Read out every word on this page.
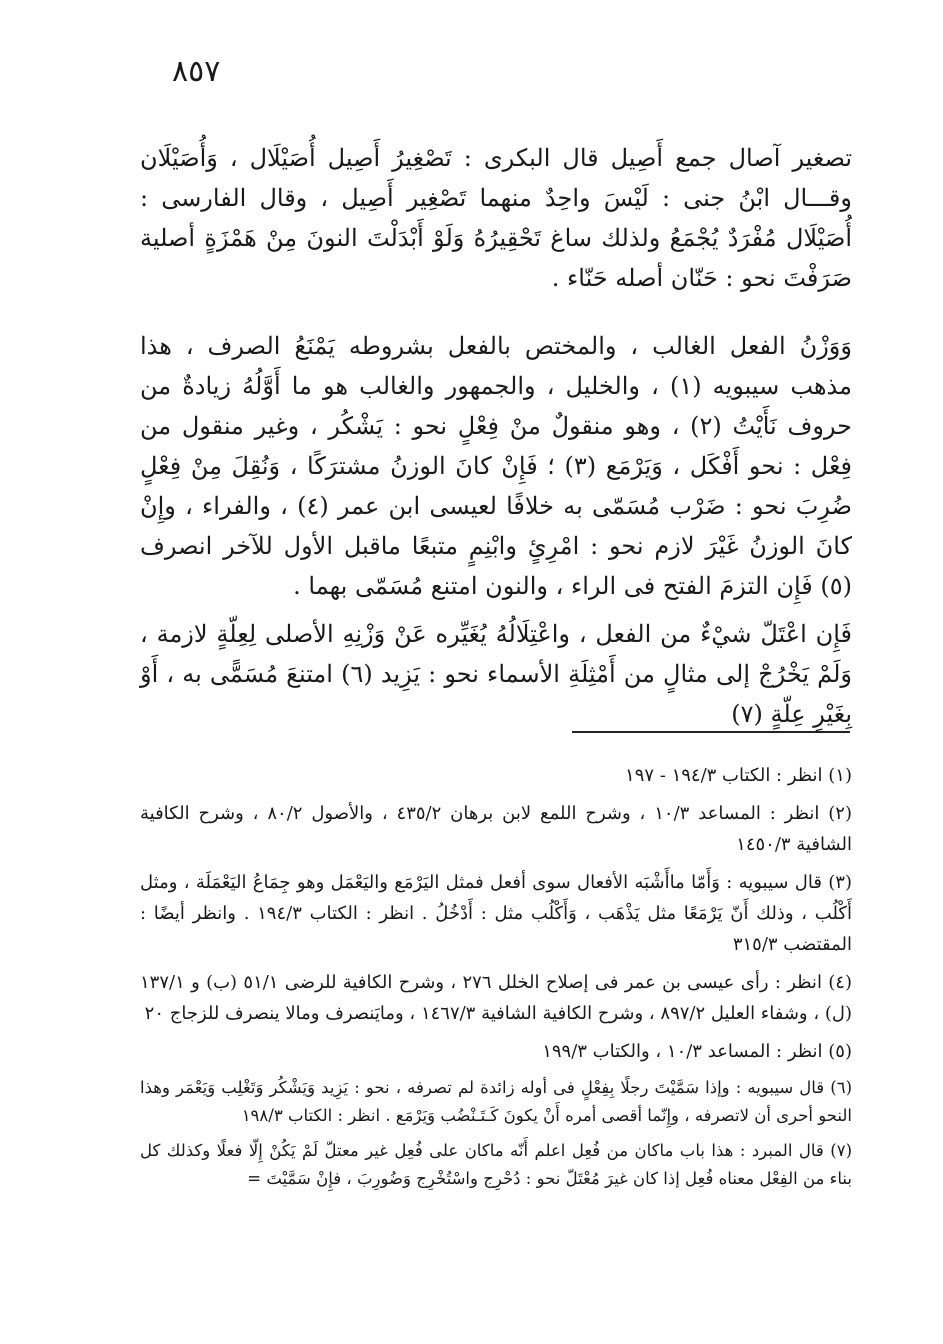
٨٥٧

تصغير آصال جمع أَصِيل قال البكرى : تَصْغِيرُ أَصِيل أُصَيْلَال ، وَأُصَيْلَان وقـــال ابْنُ جنى : لَيْسَ واحِدٌ منهما تَصْغِير أَصِيل ، وقال الفارسى : أُصَيْلَال مُفْرَدٌ يُجْمَعُ ولذلك ساغ تَحْقِيرُهُ وَلَوْ أَبْدَلْتَ النونَ مِنْ هَمْزَةٍ أصلية صَرَفْتَ نحو : حَنّان أصله حَنّاء .

وَوَزْنُ الفعل الغالب ، والمختص بالفعل بشروطه يَمْنَعُ الصرف ، هذا مذهب سيبويه (١) ، والخليل ، والجمهور والغالب هو ما أَوَّلُهُ زيادةٌ من حروف نَأَيْتُ (٢) ، وهو منقولٌ منْ فِعْلٍ نحو : يَشْكُر ، وغير منقول من فِعْل : نحو أَفْكَل ، وَيَرْمَع (٣) ؛ فَإِنْ كانَ الوزنُ مشترَكًا ، وَنُقِلَ مِنْ فِعْلٍ ضُرِبَ نحو : ضَرْب مُسَمّى به خلافًا لعيسى ابن عمر (٤) ، والفراء ، وإِنْ كانَ الوزنُ غَيْرَ لازم نحو : امْرِئٍ وابْنِمٍ متبعًا ماقبل الأول للآخر انصرف (٥) فَإِن التزمَ الفتح فى الراء ، والنون امتنع مُسَمّى بهما .

فَإِن اعْتَلّ شيْءٌ من الفعل ، واعْتِلَالُهُ يُغَيِّره عَنْ وَزْنِهِ الأصلى لِعِلّةٍ لازمة ، وَلَمْ يَخْرُجْ إلى مثالٍ من أَمْثِلَةِ الأسماء نحو : يَزِيد (٦) امتنعَ مُسَمًّى به ، أَوْ بِغَيْرِ عِلّةٍ (٧)

(١) انظر : الكتاب ١٩٤/٣ - ١٩٧

(٢) انظر : المساعد ١٠/٣ ، وشرح اللمع لابن برهان ٤٣٥/٢ ، والأصول ٨٠/٢ ، وشرح الكافية الشافية ١٤٥٠/٣

(٣) قال سيبويه : وَأَمّا ماأَشْبَه الأفعال سوى أفعل فمثل اليَرْمَع واليَعْمَل وهو جِمَاعُ اليَعْمَلَة ، ومثل أَكْلُب ، وذلك أَنّ يَرْمَعًا مثل يَذْهَب ، وَأَكْلُب مثل : أَدْخُلُ . انظر : الكتاب ١٩٤/٣ . وانظر أيضًا : المقتضب ٣١٥/٣

(٤) انظر : رأى عيسى بن عمر فى إصلاح الخلل ٢٧٦ ، وشرح الكافية للرضى ٥١/١ (ب) و ١٣٧/١ (ل) ، وشفاء العليل ٨٩٧/٢ ، وشرح الكافية الشافية ١٤٦٧/٣ ، ومايَنصرف ومالا ينصرف للزجاج ٢٠

(٥) انظر : المساعد ١٠/٣ ، والكتاب ١٩٩/٣

(٦) قال سيبويه : وإذا سَمَّيْتَ رجلًا بِفِعْلٍ فى أوله زائدة لم تصرفه ، نحو : يَزِيد وَيَشْكُر وَتَغْلِب وَيَعْمَر وهذا النحو أحرى أن لاتصرفه ، وإِنّما أقصى أمره أَنْ يكونَ كَـتَـنْضُب وَيَرْمَع . انظر : الكتاب ١٩٨/٣

(٧) قال المبرد : هذا باب ماكان من فُعِل اعلم أَنّه ماكان على فُعِل غير معتلّ لَمْ يَكُنْ إِلّا فعلًا وكذلك كل بناء من الفِعْل معناه فُعِل إذا كان غيرَ مُعْتَلّ نحو : دُحْرِج واسْتُخْرِج وَضُورِبَ ، فإِنْ سَمَّيْتَ =
